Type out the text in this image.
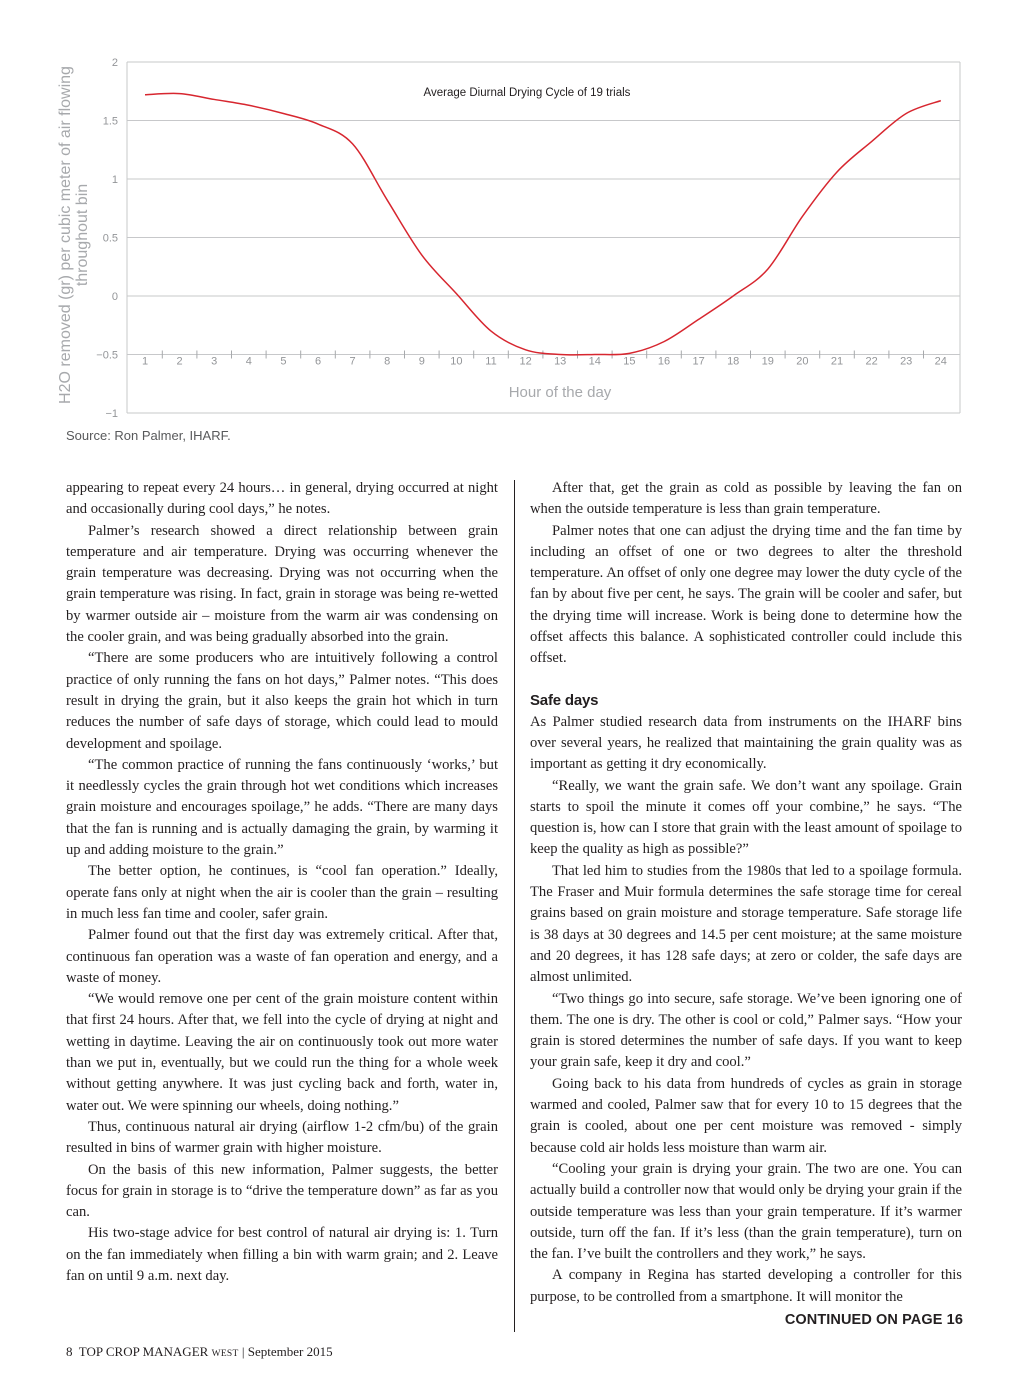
2
1.5
1
0.5
0
−0.5
−1
1	2	3	4	5	6	7	8	9 10 11 12 13 14 15 16 17 18 19 20 21 22 23 24
Hour of the day
Average Diurnal Drying Cycle of 19 trials
H2O removed (gr) per cubic meter of air flowing
throughout bin
Source: Ron Palmer, IHARF.

appearing to repeat every 24 hours… in general, drying occurred at night and occasionally during cool days,” he notes.

Palmer’s research showed a direct relationship between grain temperature and air temperature. Drying was occurring whenever the grain temperature was decreasing. Drying was not occurring when the grain temperature was rising. In fact, grain in storage was being re-wetted by warmer outside air – moisture from the warm air was condensing on the cooler grain, and was being gradually absorbed into the grain.

“There are some producers who are intuitively following a control practice of only running the fans on hot days,” Palmer notes. “This does result in drying the grain, but it also keeps the grain hot which in turn reduces the number of safe days of storage, which could lead to mould development and spoilage.

“The common practice of running the fans continuously ‘works,’ but it needlessly cycles the grain through hot wet conditions which increases grain moisture and encourages spoilage,” he adds. “There are many days that the fan is running and is actually damaging the grain, by warming it up and adding moisture to the grain.”

The better option, he continues, is “cool fan operation.” Ideally, operate fans only at night when the air is cooler than the grain – resulting in much less fan time and cooler, safer grain.

Palmer found out that the first day was extremely critical. After that, continuous fan operation was a waste of fan operation and energy, and a waste of money.

“We would remove one per cent of the grain moisture content within that first 24 hours. After that, we fell into the cycle of drying at night and wetting in daytime. Leaving the air on continuously took out more water than we put in, eventually, but we could run the thing for a whole week without getting anywhere. It was just cycling back and forth, water in, water out. We were spinning our wheels, doing nothing.”

Thus, continuous natural air drying (airflow 1-2 cfm/bu) of the grain resulted in bins of warmer grain with higher moisture.

On the basis of this new information, Palmer suggests, the better focus for grain in storage is to “drive the temperature down” as far as you can.

His two-stage advice for best control of natural air drying is: 1. Turn on the fan immediately when filling a bin with warm grain; and 2. Leave fan on until 9 a.m. next day.

After that, get the grain as cold as possible by leaving the fan on when the outside temperature is less than grain temperature.

Palmer notes that one can adjust the drying time and the fan time by including an offset of one or two degrees to alter the threshold temperature. An offset of only one degree may lower the duty cycle of the fan by about five per cent, he says. The grain will be cooler and safer, but the drying time will increase. Work is being done to determine how the offset affects this balance. A sophisticated controller could include this offset.

Safe days

As Palmer studied research data from instruments on the IHARF bins over several years, he realized that maintaining the grain quality was as important as getting it dry economically.

“Really, we want the grain safe. We don’t want any spoilage. Grain starts to spoil the minute it comes off your combine,” he says. “The question is, how can I store that grain with the least amount of spoilage to keep the quality as high as possible?”

That led him to studies from the 1980s that led to a spoilage formula. The Fraser and Muir formula determines the safe storage time for cereal grains based on grain moisture and storage temperature. Safe storage life is 38 days at 30 degrees and 14.5 per cent moisture; at the same moisture and 20 degrees, it has 128 safe days; at zero or colder, the safe days are almost unlimited.

“Two things go into secure, safe storage. We’ve been ignoring one of them. The one is dry. The other is cool or cold,” Palmer says. “How your grain is stored determines the number of safe days. If you want to keep your grain safe, keep it dry and cool.”

Going back to his data from hundreds of cycles as grain in storage warmed and cooled, Palmer saw that for every 10 to 15 degrees that the grain is cooled, about one per cent moisture was removed - simply because cold air holds less moisture than warm air.

“Cooling your grain is drying your grain. The two are one. You can actually build a controller now that would only be drying your grain if the outside temperature was less than your grain temperature. If it’s warmer outside, turn off the fan. If it’s less (than the grain temperature), turn on the fan. I’ve built the controllers and they work,” he says.

A company in Regina has started developing a controller for this purpose, to be controlled from a smartphone. It will monitor the

CONTINUED ON PAGE 16
8 TOP CROP MANAGER WEST | September 2015
